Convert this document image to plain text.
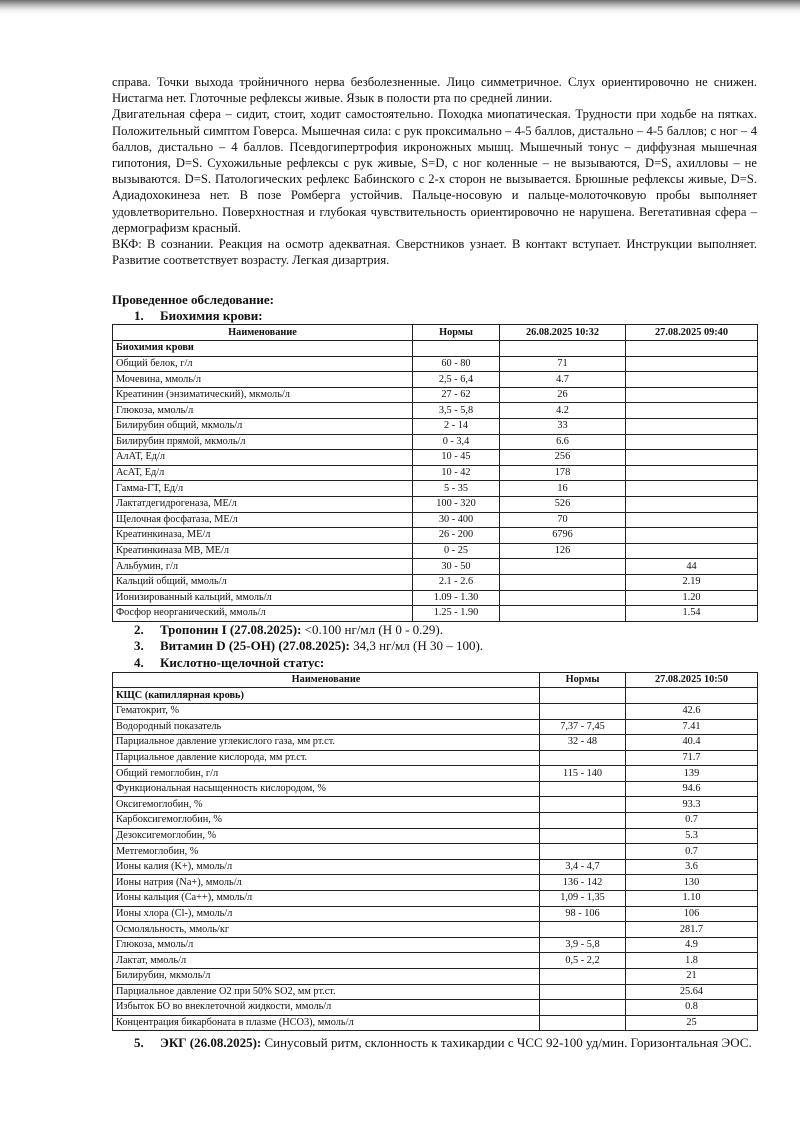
справа. Точки выхода тройничного нерва безболезненные. Лицо симметричное. Слух ориентировочно не снижен. Нистагма нет. Глоточные рефлексы живые. Язык в полости рта по средней линии.

Двигательная сфера – сидит, стоит, ходит самостоятельно. Походка миопатическая. Трудности при ходьбе на пятках. Положительный симптом Говерса. Мышечная сила: с рук проксимально – 4-5 баллов, дистально – 4-5 баллов; с ног – 4 баллов, дистально – 4 баллов. Псевдогипертрофия икроножных мышц. Мышечный тонус – диффузная мышечная гипотония, D=S. Сухожильные рефлексы с рук живые, S=D, с ног коленные – не вызываются, D=S, ахилловы – не вызываются. D=S. Патологических рефлекс Бабинского с 2-х сторон не вызывается. Брюшные рефлексы живые, D=S. Адиадохокинеза нет. В позе Ромберга устойчив. Пальце-носовую и пальце-молоточковую пробы выполняет удовлетворительно. Поверхностная и глубокая чувствительность ориентировочно не нарушена. Вегетативная сфера – дермографизм красный.

ВКФ: В сознании. Реакция на осмотр адекватная. Сверстников узнает. В контакт вступает. Инструкции выполняет. Развитие соответствует возрасту. Легкая дизартрия.

Проведенное обследование:
1. Биохимия крови:
Наименование	Нормы	26.08.2025 10:32	27.08.2025 09:40
Биохимия крови			
Общий белок, г/л	60 - 80	71	
Мочевина, ммоль/л	2,5 - 6,4	4.7	
Креатинин (энзиматический), мкмоль/л	27 - 62	26	
Глюкоза, ммоль/л	3,5 - 5,8	4.2	
Билирубин общий, мкмоль/л	2 - 14	33	
Билирубин прямой, мкмоль/л	0 - 3,4	6.6	
АлАТ, Ед/л	10 - 45	256	
АсАТ, Ед/л	10 - 42	178	
Гамма-ГТ, Ед/л	5 - 35	16	
Лактатдегидрогеназа, МЕ/л	100 - 320	526	
Щелочная фосфатаза, МЕ/л	30 - 400	70	
Креатинкиназа, МЕ/л	26 - 200	6796	
Креатинкиназа МВ, МЕ/л	0 - 25	126	
Альбумин, г/л	30 - 50		44
Кальций общий, ммоль/л	2.1 - 2.6		2.19
Ионизированный кальций, ммоль/л	1.09 - 1.30		1.20
Фосфор неорганический, ммоль/л	1.25 - 1.90		1.54
2. Тропонин I (27.08.2025): <0.100 нг/мл (Н 0 - 0.29).
3. Витамин D (25-OH) (27.08.2025): 34,3 нг/мл (Н 30 – 100).
4. Кислотно-щелочной статус:
Наименование	Нормы	27.08.2025 10:50
КЩС (капиллярная кровь)		
Гематокрит, %		42.6
Водородный показатель	7,37 - 7,45	7.41
Парциальное давление углекислого газа, мм рт.ст.	32 - 48	40.4
Парциальное давление кислорода, мм рт.ст.		71.7
Общий гемоглобин, г/л	115 - 140	139
Функциональная насыщенность кислородом, %		94.6
Оксигемоглобин, %		93.3
Карбоксигемоглобин, %		0.7
Дезоксигемоглобин, %		5.3
Метгемоглобин, %		0.7
Ионы калия (K+), ммоль/л	3,4 - 4,7	3.6
Ионы натрия (Na+), ммоль/л	136 - 142	130
Ионы кальция (Ca++), ммоль/л	1,09 - 1,35	1.10
Ионы хлора (Cl-), ммоль/л	98 - 106	106
Осмоляльность, ммоль/кг		281.7
Глюкоза, ммоль/л	3,9 - 5,8	4.9
Лактат, ммоль/л	0,5 - 2,2	1.8
Билирубин, мкмоль/л		21
Парциальное давление О2 при 50% SO2, мм рт.ст.		25.64
Избыток БО во внеклеточной жидкости, ммоль/л		0.8
Концентрация бикарбоната в плазме (HCO3), ммоль/л		25
5. ЭКГ (26.08.2025): Синусовый ритм, склонность к тахикардии с ЧСС 92-100 уд/мин. Горизонтальная ЭОС.
